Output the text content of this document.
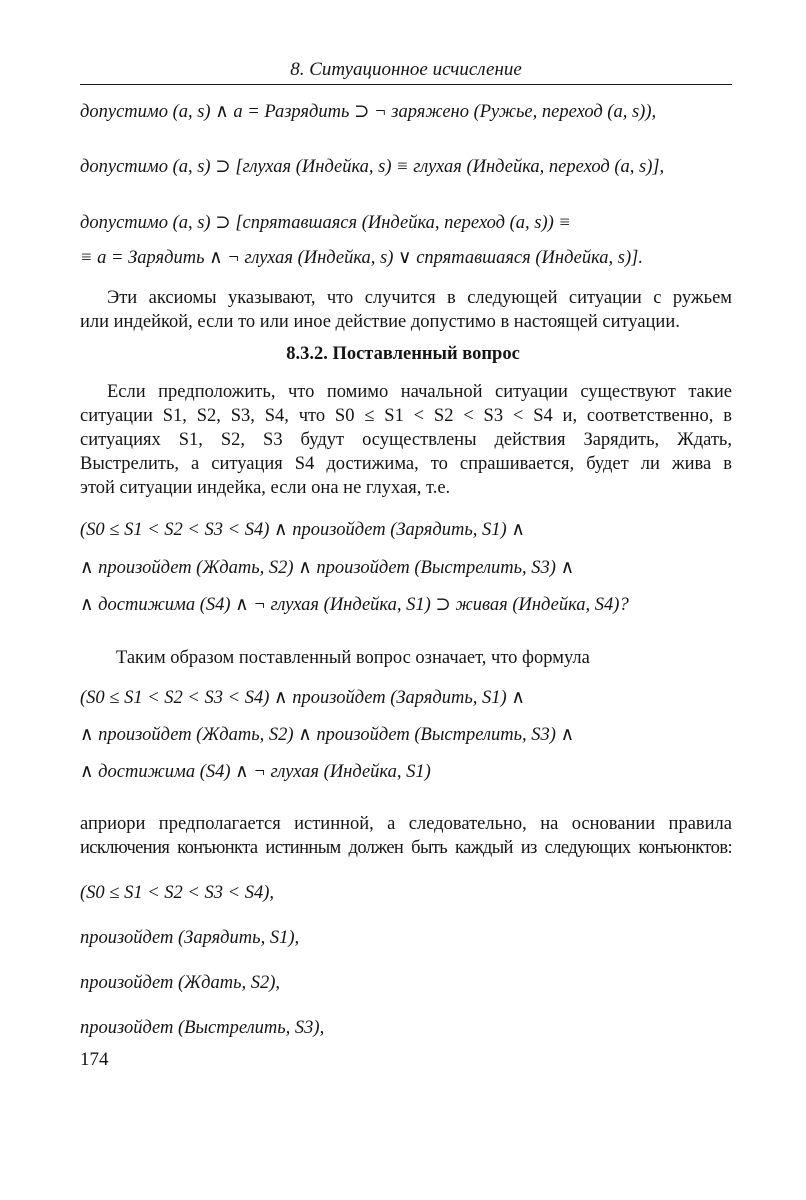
8. Ситуационное исчисление
допустимо (a, s) ∧ a = Разрядить ⊃ ¬ заряжено (Ружье, переход (a, s)),
допустимо (a, s) ⊃ [глухая (Индейка, s) ≡ глухая (Индейка, переход (a, s)],
допустимо (a, s) ⊃ [спрятавшаяся (Индейка, переход (a, s)) ≡
≡ a = Зарядить ∧ ¬ глухая (Индейка, s) ∨ спрятавшаяся (Индейка, s)].
Эти аксиомы указывают, что случится в следующей ситуации с ружьем
или индейкой, если то или иное действие допустимо в настоящей ситуации.
8.3.2. Поставленный вопрос
Если предположить, что помимо начальной ситуации существуют такие
ситуации S1, S2, S3, S4, что S0 ≤ S1 < S2 < S3 < S4 и, соответственно, в
ситуациях S1, S2, S3 будут осуществлены действия Зарядить, Ждать,
Выстрелить, а ситуация S4 достижима, то спрашивается, будет ли жива в
этой ситуации индейка, если она не глухая, т.е.
(S0 ≤ S1 < S2 < S3 < S4) ∧ произойдет (Зарядить, S1) ∧
∧ произойдет (Ждать, S2) ∧ произойдет (Выстрелить, S3) ∧
∧ достижима (S4) ∧ ¬ глухая (Индейка, S1) ⊃ живая (Индейка, S4)?
Таким образом поставленный вопрос означает, что формула
(S0 ≤ S1 < S2 < S3 < S4) ∧ произойдет (Зарядить, S1) ∧
∧ произойдет (Ждать, S2) ∧ произойдет (Выстрелить, S3) ∧
∧ достижима (S4) ∧ ¬ глухая (Индейка, S1)
априори предполагается истинной, а следовательно, на основании правила
исключения конъюнкта истинным должен быть каждый из следующих конъюнктов:
(S0 ≤ S1 < S2 < S3 < S4),
произойдет (Зарядить, S1),
произойдет (Ждать, S2),
произойдет (Выстрелить, S3),
174
